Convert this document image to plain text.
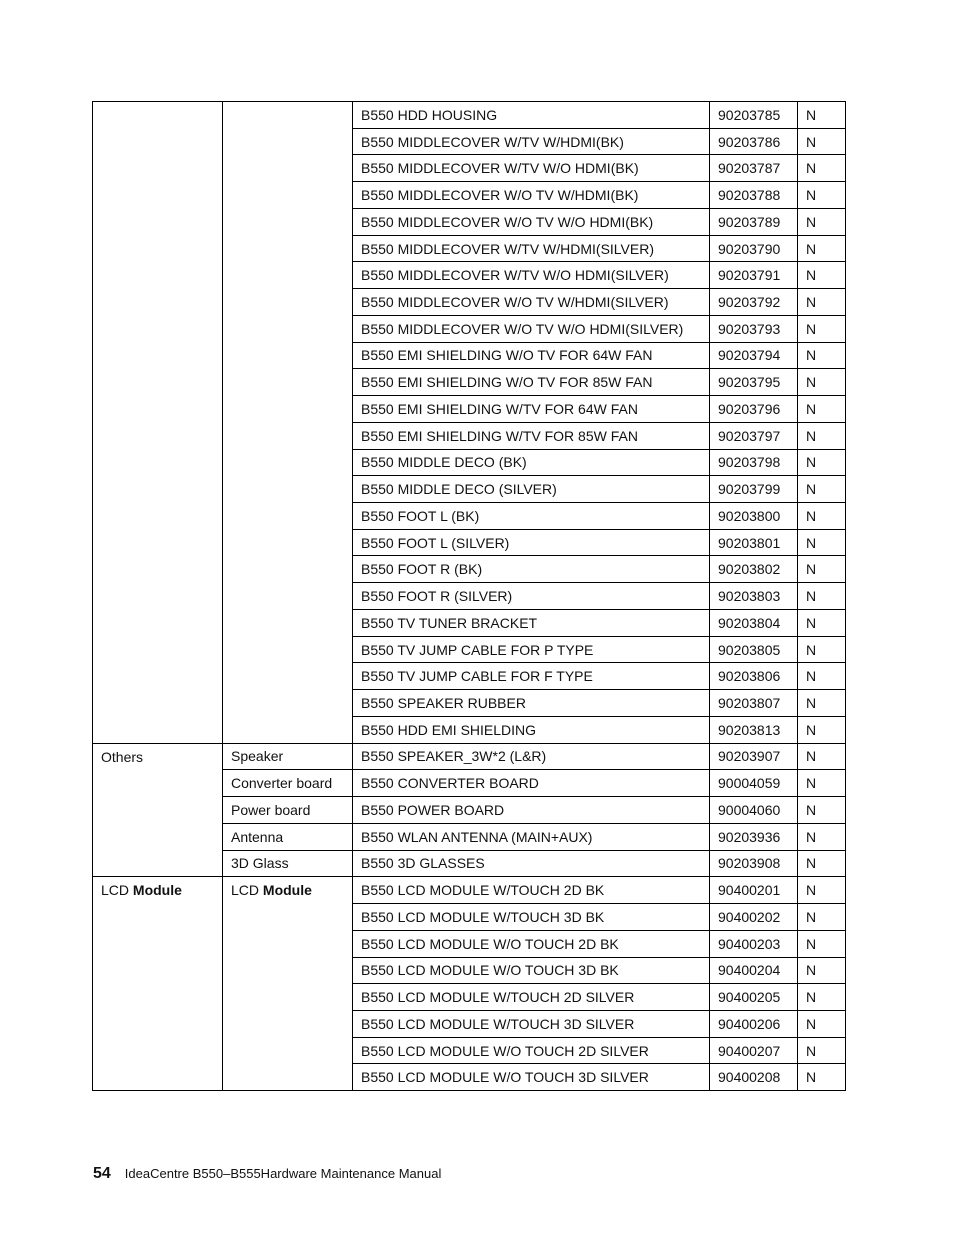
		B550 HDD HOUSING	90203785	N
		B550 MIDDLECOVER W/TV W/HDMI(BK)	90203786	N
		B550 MIDDLECOVER W/TV W/O HDMI(BK)	90203787	N
		B550 MIDDLECOVER W/O TV W/HDMI(BK)	90203788	N
		B550 MIDDLECOVER W/O TV W/O HDMI(BK)	90203789	N
		B550 MIDDLECOVER W/TV W/HDMI(SILVER)	90203790	N
		B550 MIDDLECOVER W/TV W/O HDMI(SILVER)	90203791	N
		B550 MIDDLECOVER W/O TV W/HDMI(SILVER)	90203792	N
		B550 MIDDLECOVER W/O TV W/O HDMI(SILVER)	90203793	N
		B550 EMI SHIELDING W/O TV FOR 64W FAN	90203794	N
		B550 EMI SHIELDING W/O TV FOR 85W FAN	90203795	N
		B550 EMI SHIELDING W/TV FOR 64W FAN	90203796	N
		B550 EMI SHIELDING W/TV FOR 85W FAN	90203797	N
		B550 MIDDLE DECO (BK)	90203798	N
		B550 MIDDLE DECO (SILVER)	90203799	N
		B550 FOOT L (BK)	90203800	N
		B550 FOOT L (SILVER)	90203801	N
		B550 FOOT R (BK)	90203802	N
		B550 FOOT R (SILVER)	90203803	N
		B550 TV TUNER BRACKET	90203804	N
		B550 TV JUMP CABLE FOR P TYPE	90203805	N
		B550 TV JUMP CABLE FOR F TYPE	90203806	N
		B550 SPEAKER RUBBER	90203807	N
		B550 HDD EMI SHIELDING	90203813	N
Others	Speaker	B550 SPEAKER_3W*2 (L&R)	90203907	N
	Converter board	B550 CONVERTER BOARD	90004059	N
	Power board	B550 POWER BOARD	90004060	N
	Antenna	B550 WLAN ANTENNA (MAIN+AUX)	90203936	N
	3D Glass	B550 3D GLASSES	90203908	N
LCD Module	LCD Module	B550 LCD MODULE W/TOUCH 2D BK	90400201	N
		B550 LCD MODULE W/TOUCH 3D BK	90400202	N
		B550 LCD MODULE W/O TOUCH 2D BK	90400203	N
		B550 LCD MODULE W/O TOUCH 3D BK	90400204	N
		B550 LCD MODULE W/TOUCH 2D SILVER	90400205	N
		B550 LCD MODULE W/TOUCH 3D SILVER	90400206	N
		B550 LCD MODULE W/O TOUCH 2D SILVER	90400207	N
		B550 LCD MODULE W/O TOUCH 3D SILVER	90400208	N
54 IdeaCentre B550–B555Hardware Maintenance Manual
